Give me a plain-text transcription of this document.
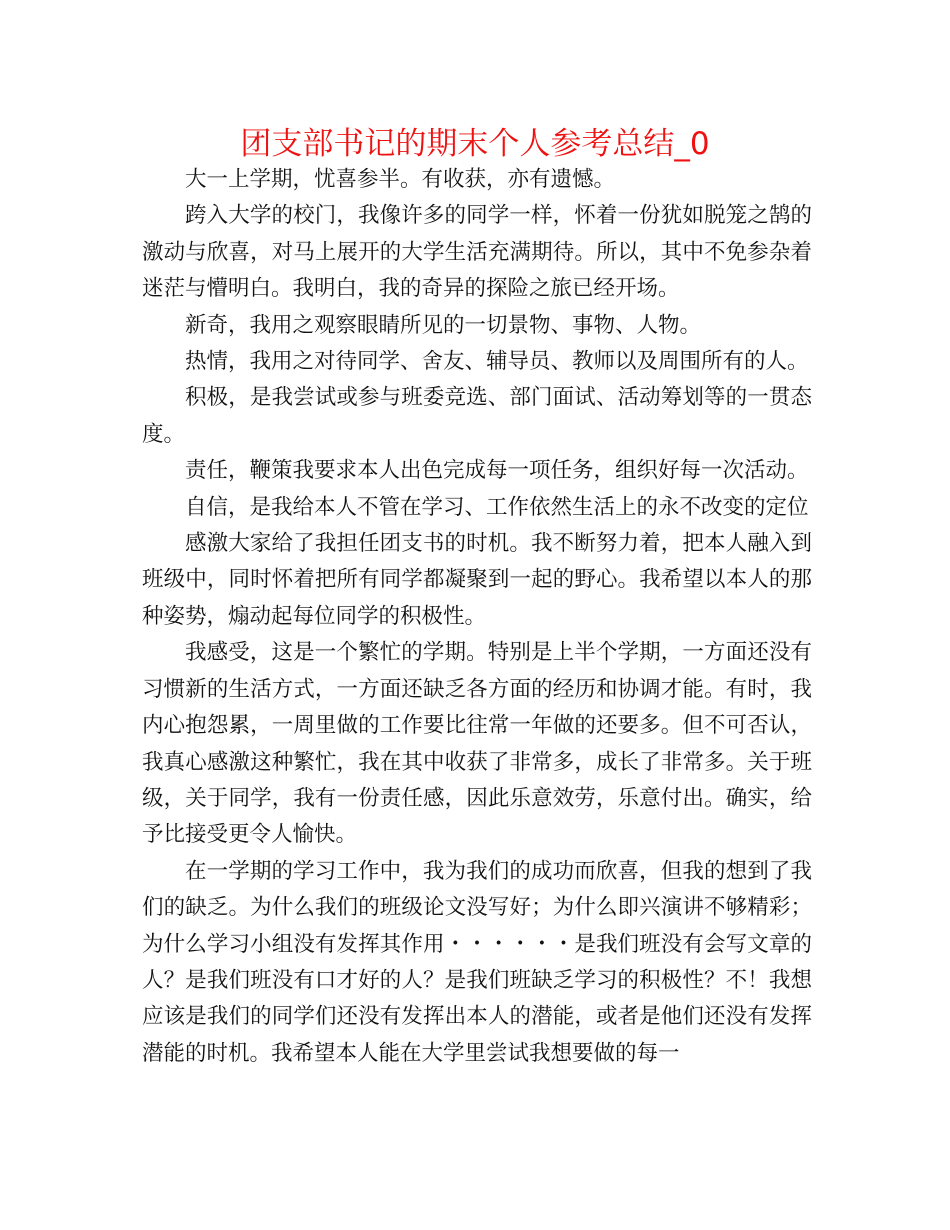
团支部书记的期末个人参考总结_0

大一上学期，忧喜参半。有收获，亦有遗憾。

跨入大学的校门，我像许多的同学一样，怀着一份犹如脱笼之鹄的激动与欣喜，对马上展开的大学生活充满期待。所以，其中不免参杂着迷茫与懵明白。我明白，我的奇异的探险之旅已经开场。

新奇，我用之观察眼睛所见的一切景物、事物、人物。

热情，我用之对待同学、舍友、辅导员、教师以及周围所有的人。

积极，是我尝试或参与班委竞选、部门面试、活动筹划等的一贯态度。

责任，鞭策我要求本人出色完成每一项任务，组织好每一次活动。

自信，是我给本人不管在学习、工作依然生活上的永不改变的定位

感激大家给了我担任团支书的时机。我不断努力着，把本人融入到班级中，同时怀着把所有同学都凝聚到一起的野心。我希望以本人的那种姿势，煽动起每位同学的积极性。

我感受，这是一个繁忙的学期。特别是上半个学期，一方面还没有习惯新的生活方式，一方面还缺乏各方面的经历和协调才能。有时，我内心抱怨累，一周里做的工作要比往常一年做的还要多。但不可否认，我真心感激这种繁忙，我在其中收获了非常多，成长了非常多。关于班级，关于同学，我有一份责任感，因此乐意效劳，乐意付出。确实，给予比接受更令人愉快。

在一学期的学习工作中，我为我们的成功而欣喜，但我的想到了我们的缺乏。为什么我们的班级论文没写好；为什么即兴演讲不够精彩；为什么学习小组没有发挥其作用・・・・・・是我们班没有会写文章的人？是我们班没有口才好的人？是我们班缺乏学习的积极性？不！我想应该是我们的同学们还没有发挥出本人的潜能，或者是他们还没有发挥潜能的时机。我希望本人能在大学里尝试我想要做的每一
